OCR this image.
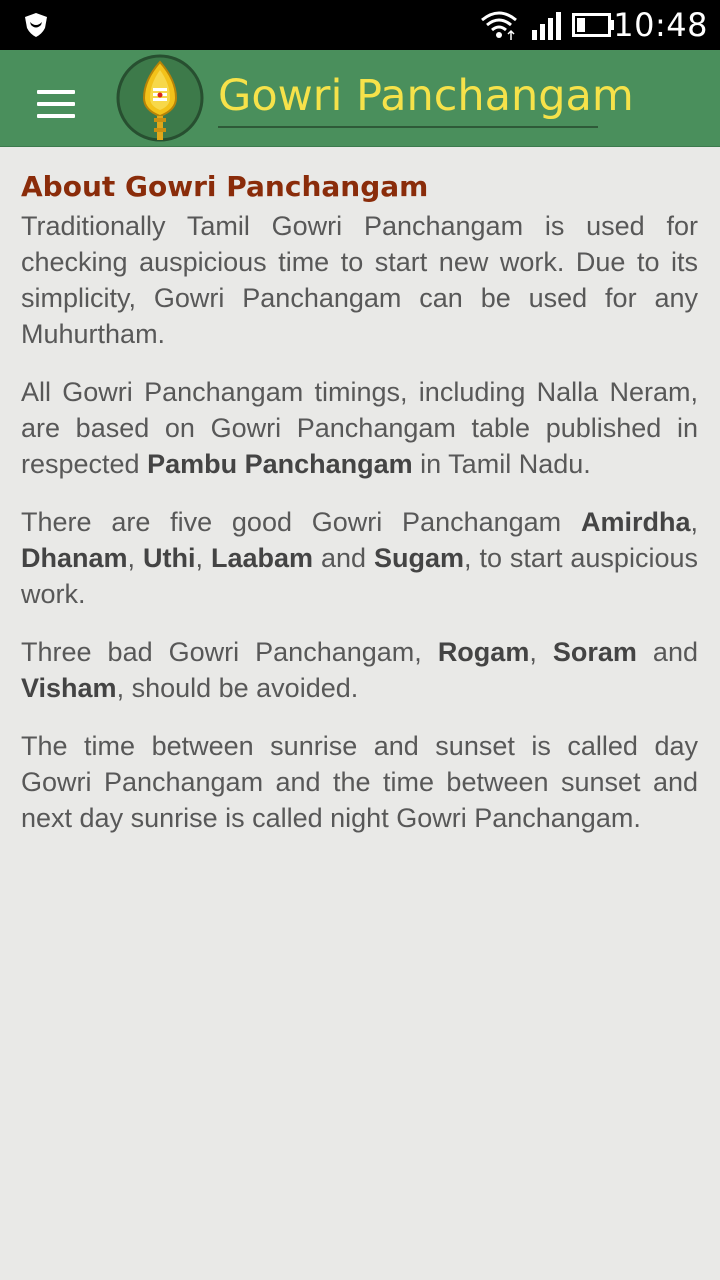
10:48
Gowri Panchangam
About Gowri Panchangam

Traditionally Tamil Gowri Panchangam is used for checking auspicious time to start new work. Due to its simplicity, Gowri Panchangam can be used for any Muhurtham.

All Gowri Panchangam timings, including Nalla Neram, are based on Gowri Panchangam table published in respected Pambu Panchangam in Tamil Nadu.

There are five good Gowri Panchangam Amirdha, Dhanam, Uthi, Laabam and Sugam, to start auspicious work.

Three bad Gowri Panchangam, Rogam, Soram and Visham, should be avoided.

The time between sunrise and sunset is called day Gowri Panchangam and the time between sunset and next day sunrise is called night Gowri Panchangam.
